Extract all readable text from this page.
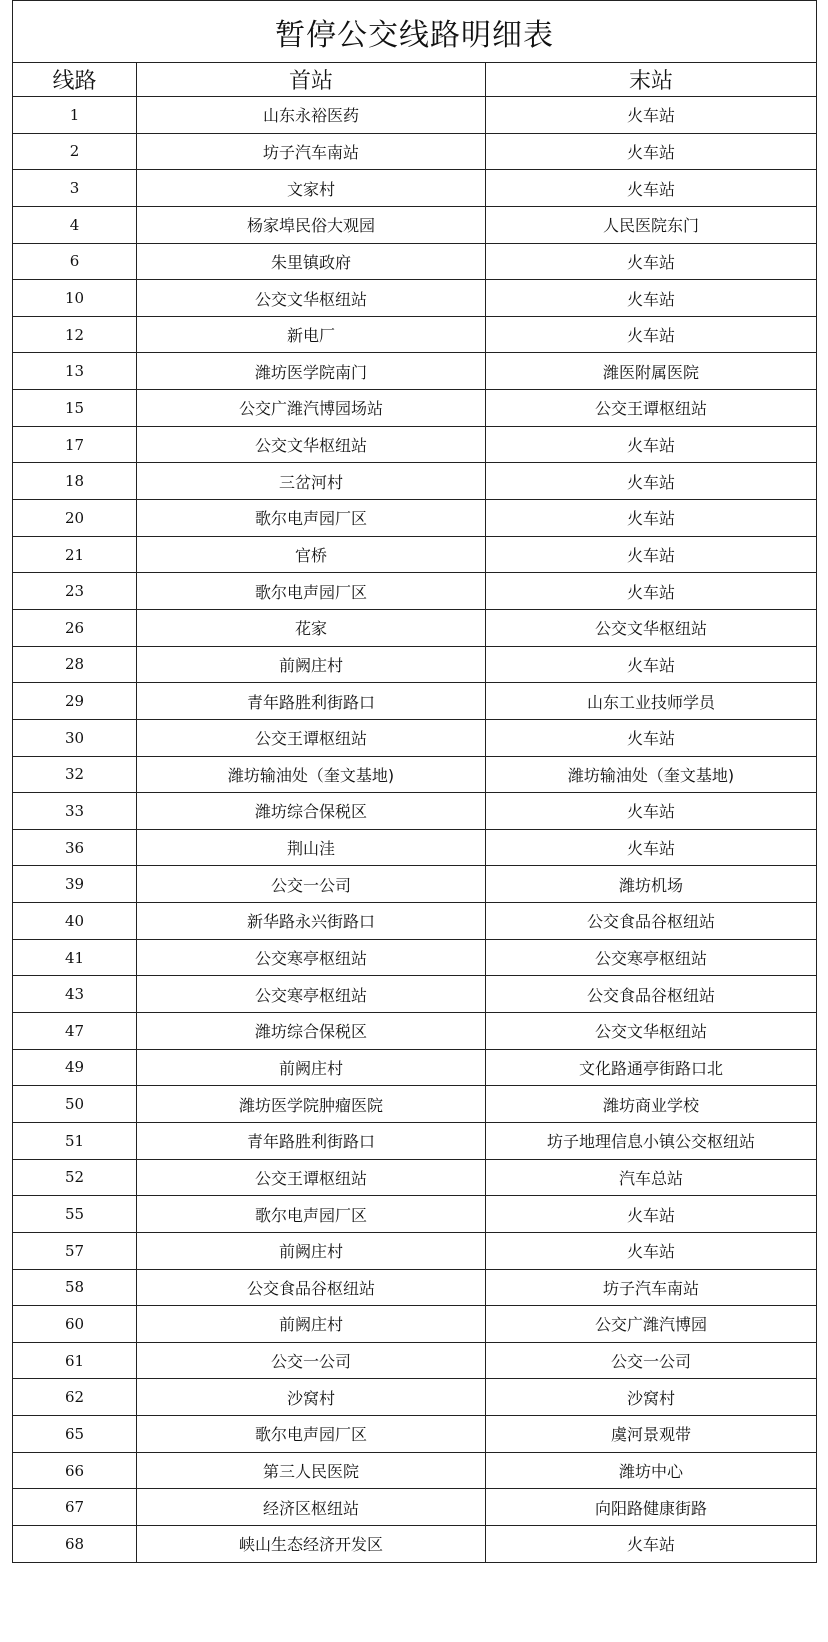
暂停公交线路明细表		
线路	首站	末站
1	山东永裕医药	火车站
2	坊子汽车南站	火车站
3	文家村	火车站
4	杨家埠民俗大观园	人民医院东门
6	朱里镇政府	火车站
10	公交文华枢纽站	火车站
12	新电厂	火车站
13	潍坊医学院南门	潍医附属医院
15	公交广潍汽博园场站	公交王谭枢纽站
17	公交文华枢纽站	火车站
18	三岔河村	火车站
20	歌尔电声园厂区	火车站
21	官桥	火车站
23	歌尔电声园厂区	火车站
26	花家	公交文华枢纽站
28	前阙庄村	火车站
29	青年路胜利街路口	山东工业技师学员
30	公交王谭枢纽站	火车站
32	潍坊输油处（奎文基地)	潍坊输油处（奎文基地)
33	潍坊综合保税区	火车站
36	荆山洼	火车站
39	公交一公司	潍坊机场
40	新华路永兴街路口	公交食品谷枢纽站
41	公交寒亭枢纽站	公交寒亭枢纽站
43	公交寒亭枢纽站	公交食品谷枢纽站
47	潍坊综合保税区	公交文华枢纽站
49	前阙庄村	文化路通亭街路口北
50	潍坊医学院肿瘤医院	潍坊商业学校
51	青年路胜利街路口	坊子地理信息小镇公交枢纽站
52	公交王谭枢纽站	汽车总站
55	歌尔电声园厂区	火车站
57	前阙庄村	火车站
58	公交食品谷枢纽站	坊子汽车南站
60	前阙庄村	公交广潍汽博园
61	公交一公司	公交一公司
62	沙窝村	沙窝村
65	歌尔电声园厂区	虞河景观带
66	第三人民医院	潍坊中心
67	经济区枢纽站	向阳路健康街路
68	峡山生态经济开发区	火车站
